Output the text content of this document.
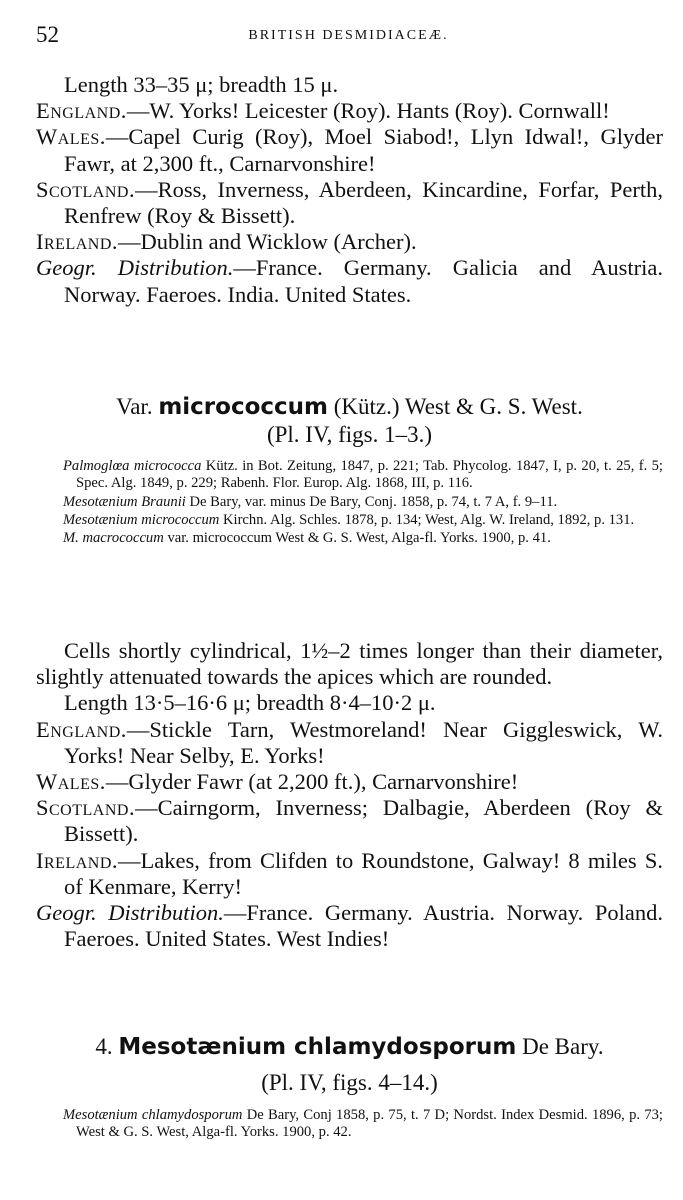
52	BRITISH DESMIDIACEÆ.

Length 33–35 μ; breadth 15 μ.

England.—W. Yorks! Leicester (Roy). Hants (Roy). Cornwall!

Wales.—Capel Curig (Roy), Moel Siabod!, Llyn Idwal!, Glyder Fawr, at 2,300 ft., Carnarvonshire!

Scotland.—Ross, Inverness, Aberdeen, Kincardine, Forfar, Perth, Renfrew (Roy & Bissett).

Ireland.—Dublin and Wicklow (Archer).

Geogr. Distribution.—France. Germany. Galicia and Austria. Norway. Faeroes. India. United States.

Var. micrococcum (Kütz.) West & G. S. West.

(Pl. IV, figs. 1–3.)

Palmoglœa micrococca Kütz. in Bot. Zeitung, 1847, p. 221; Tab. Phycolog. 1847, I, p. 20, t. 25, f. 5; Spec. Alg. 1849, p. 229; Rabenh. Flor. Europ. Alg. 1868, III, p. 116.

Mesotænium Braunii De Bary, var. minus De Bary, Conj. 1858, p. 74, t. 7 A, f. 9–11.

Mesotænium micrococcum Kirchn. Alg. Schles. 1878, p. 134; West, Alg. W. Ireland, 1892, p. 131.

M. macrococcum var. micrococcum West & G. S. West, Alga-fl. Yorks. 1900, p. 41.

Cells shortly cylindrical, 1½–2 times longer than their diameter, slightly attenuated towards the apices which are rounded.

Length 13·5–16·6 μ; breadth 8·4–10·2 μ.

England.—Stickle Tarn, Westmoreland! Near Giggleswick, W. Yorks! Near Selby, E. Yorks!

Wales.—Glyder Fawr (at 2,200 ft.), Carnarvonshire!

Scotland.—Cairngorm, Inverness; Dalbagie, Aberdeen (Roy & Bissett).

Ireland.—Lakes, from Clifden to Roundstone, Galway! 8 miles S. of Kenmare, Kerry!

Geogr. Distribution.—France. Germany. Austria. Norway. Poland. Faeroes. United States. West Indies!

4. Mesotænium chlamydosporum De Bary.

(Pl. IV, figs. 4–14.)

Mesotænium chlamydosporum De Bary, Conj 1858, p. 75, t. 7 D; Nordst. Index Desmid. 1896, p. 73; West & G. S. West, Alga-fl. Yorks. 1900, p. 42.
